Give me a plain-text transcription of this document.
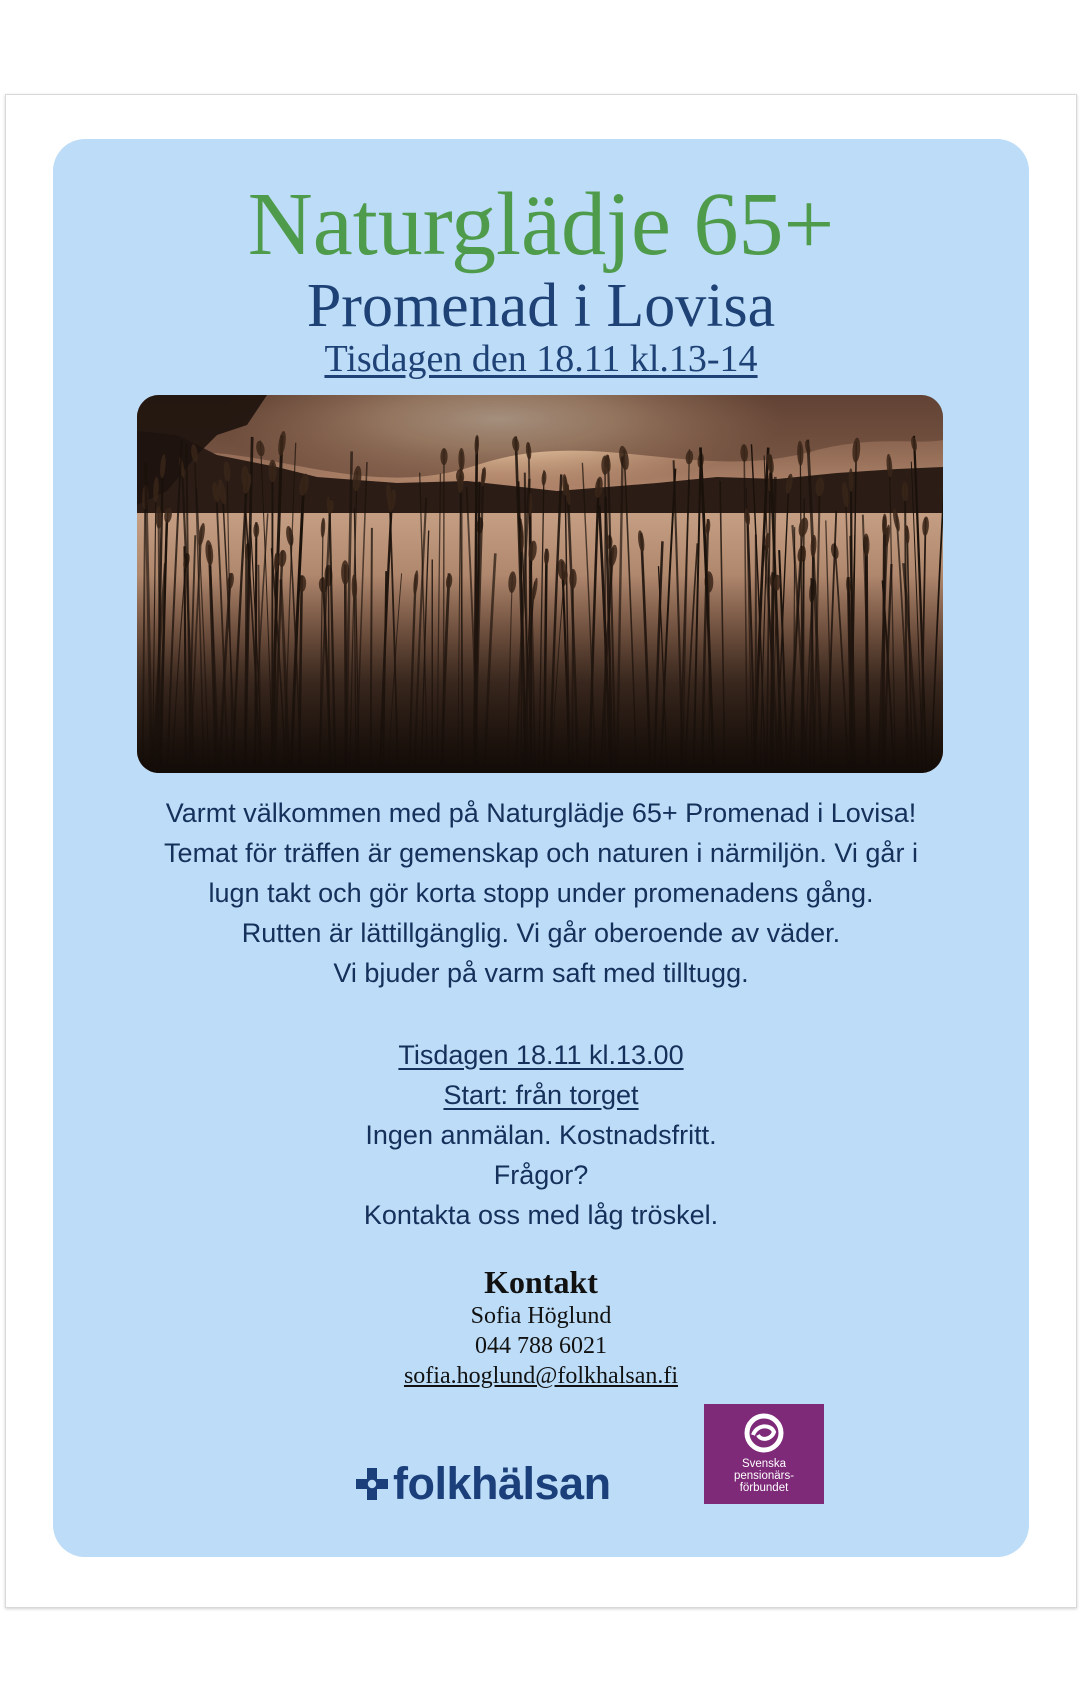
Naturglädje 65+
Promenad i Lovisa
Tisdagen den 18.11 kl.13-14

Varmt välkommen med på Naturglädje 65+ Promenad i Lovisa!

Temat för träffen är gemenskap och naturen i närmiljön. Vi går i

lugn takt och gör korta stopp under promenadens gång.

Rutten är lättillgänglig. Vi går oberoende av väder.

Vi bjuder på varm saft med tilltugg.

Tisdagen 18.11 kl.13.00

Start: från torget

Ingen anmälan. Kostnadsfritt.

Frågor?

Kontakta oss med låg tröskel.

Kontakt

Sofia Höglund

044 788 6021

sofia.hoglund@folkhalsan.fi

folkhälsan	Svenska
pensionärs-
förbundet
